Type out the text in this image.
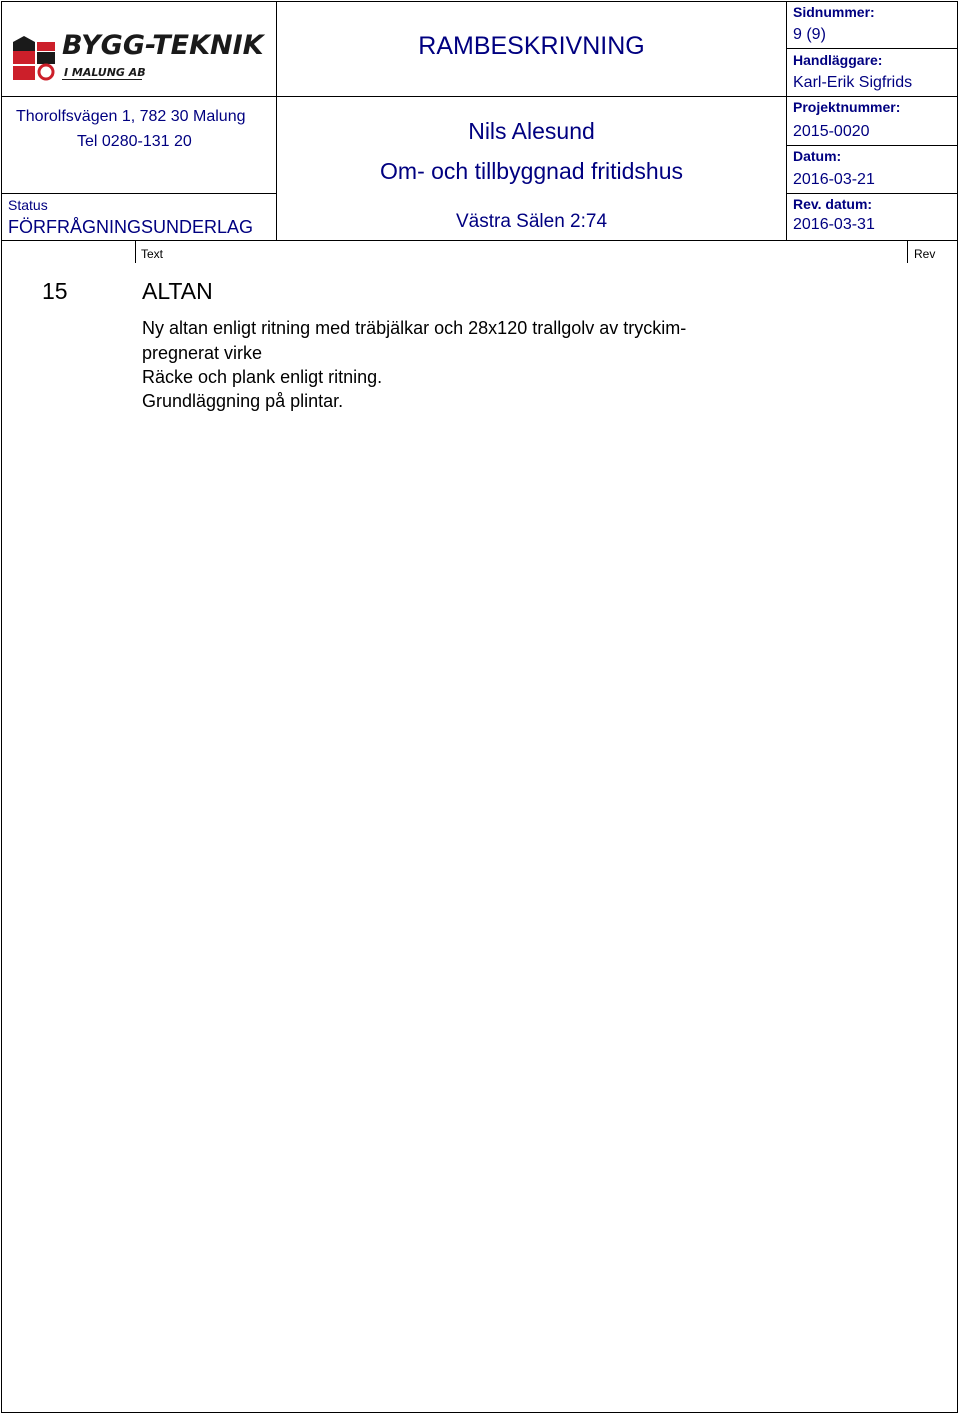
BYGG-TEKNIK
I MALUNG AB
Thorolfsvägen 1, 782 30 Malung
Tel 0280-131 20
Status
FÖRFRÅGNINGSUNDERLAG
RAMBESKRIVNING
Nils Alesund
Om- och tillbyggnad fritidshus
Västra Sälen 2:74
Sidnummer:
9 (9)
Handläggare:
Karl-Erik Sigfrids
Projektnummer:
2015-0020
Datum:
2016-03-21
Rev. datum:
2016-03-31
Text	Rev
15	ALTAN
Ny altan enligt ritning med träbjälkar och 28x120 trallgolv av tryckim-
pregnerat virke
Räcke och plank enligt ritning.
Grundläggning på plintar.
